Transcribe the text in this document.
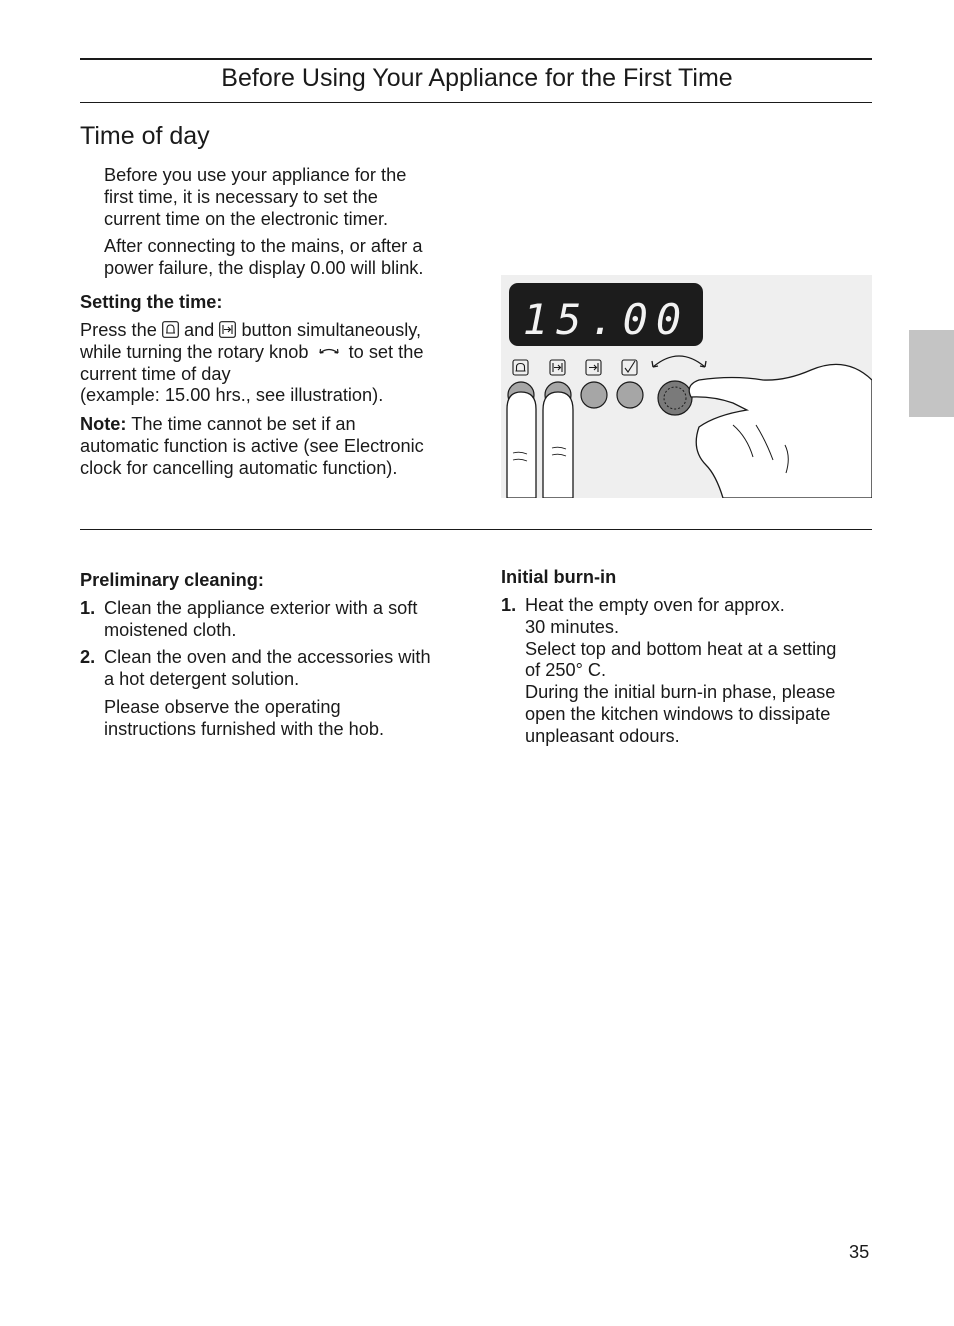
Before Using Your Appliance for the First Time
Time of day
Before you use your appliance for the
first time, it is necessary to set the
current time on the electronic timer.
After connecting to the mains, or after a
power failure, the display 0.00 will blink.
Setting the time:
Press the and button simultaneously,
while turning the rotary knob to set the
current time of day
(example: 15.00 hrs., see illustration).
Note: The time cannot be set if an
automatic function is active (see Electronic
clock for cancelling automatic function).
15.00
Preliminary cleaning:
1. Clean the appliance exterior with a soft
moistened cloth.
2. Clean the oven and the accessories with
a hot detergent solution.
Please observe the operating
instructions furnished with the hob.
Initial burn-in
1. Heat the empty oven for approx.
30 minutes.
Select top and bottom heat at a setting
of 250° C.
During the initial burn-in phase, please
open the kitchen windows to dissipate
unpleasant odours.
35
